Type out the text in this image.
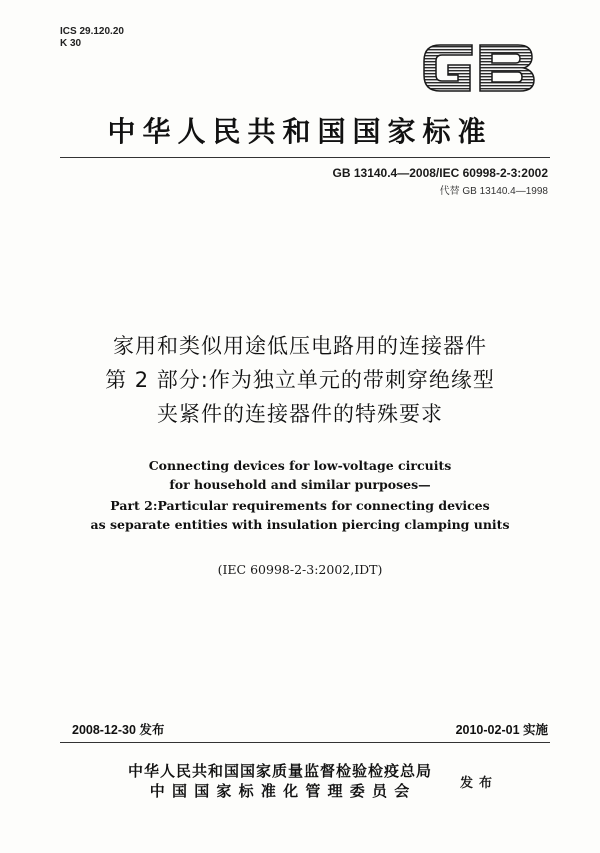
ICS 29.120.20
K 30
中华人民共和国国家标准
GB 13140.4—2008/IEC 60998-2-3:2002
代替 GB 13140.4—1998
家用和类似用途低压电路用的连接器件
第 2 部分:作为独立单元的带刺穿绝缘型
夹紧件的连接器件的特殊要求
Connecting devices for low-voltage circuits
for household and similar purposes—
Part 2:Particular requirements for connecting devices
as separate entities with insulation piercing clamping units
(IEC 60998-2-3:2002,IDT)
2008-12-30 发布	2010-02-01 实施
中华人民共和国国家质量监督检验检疫总局
中 国 国 家 标 准 化 管 理 委 员 会	发布
